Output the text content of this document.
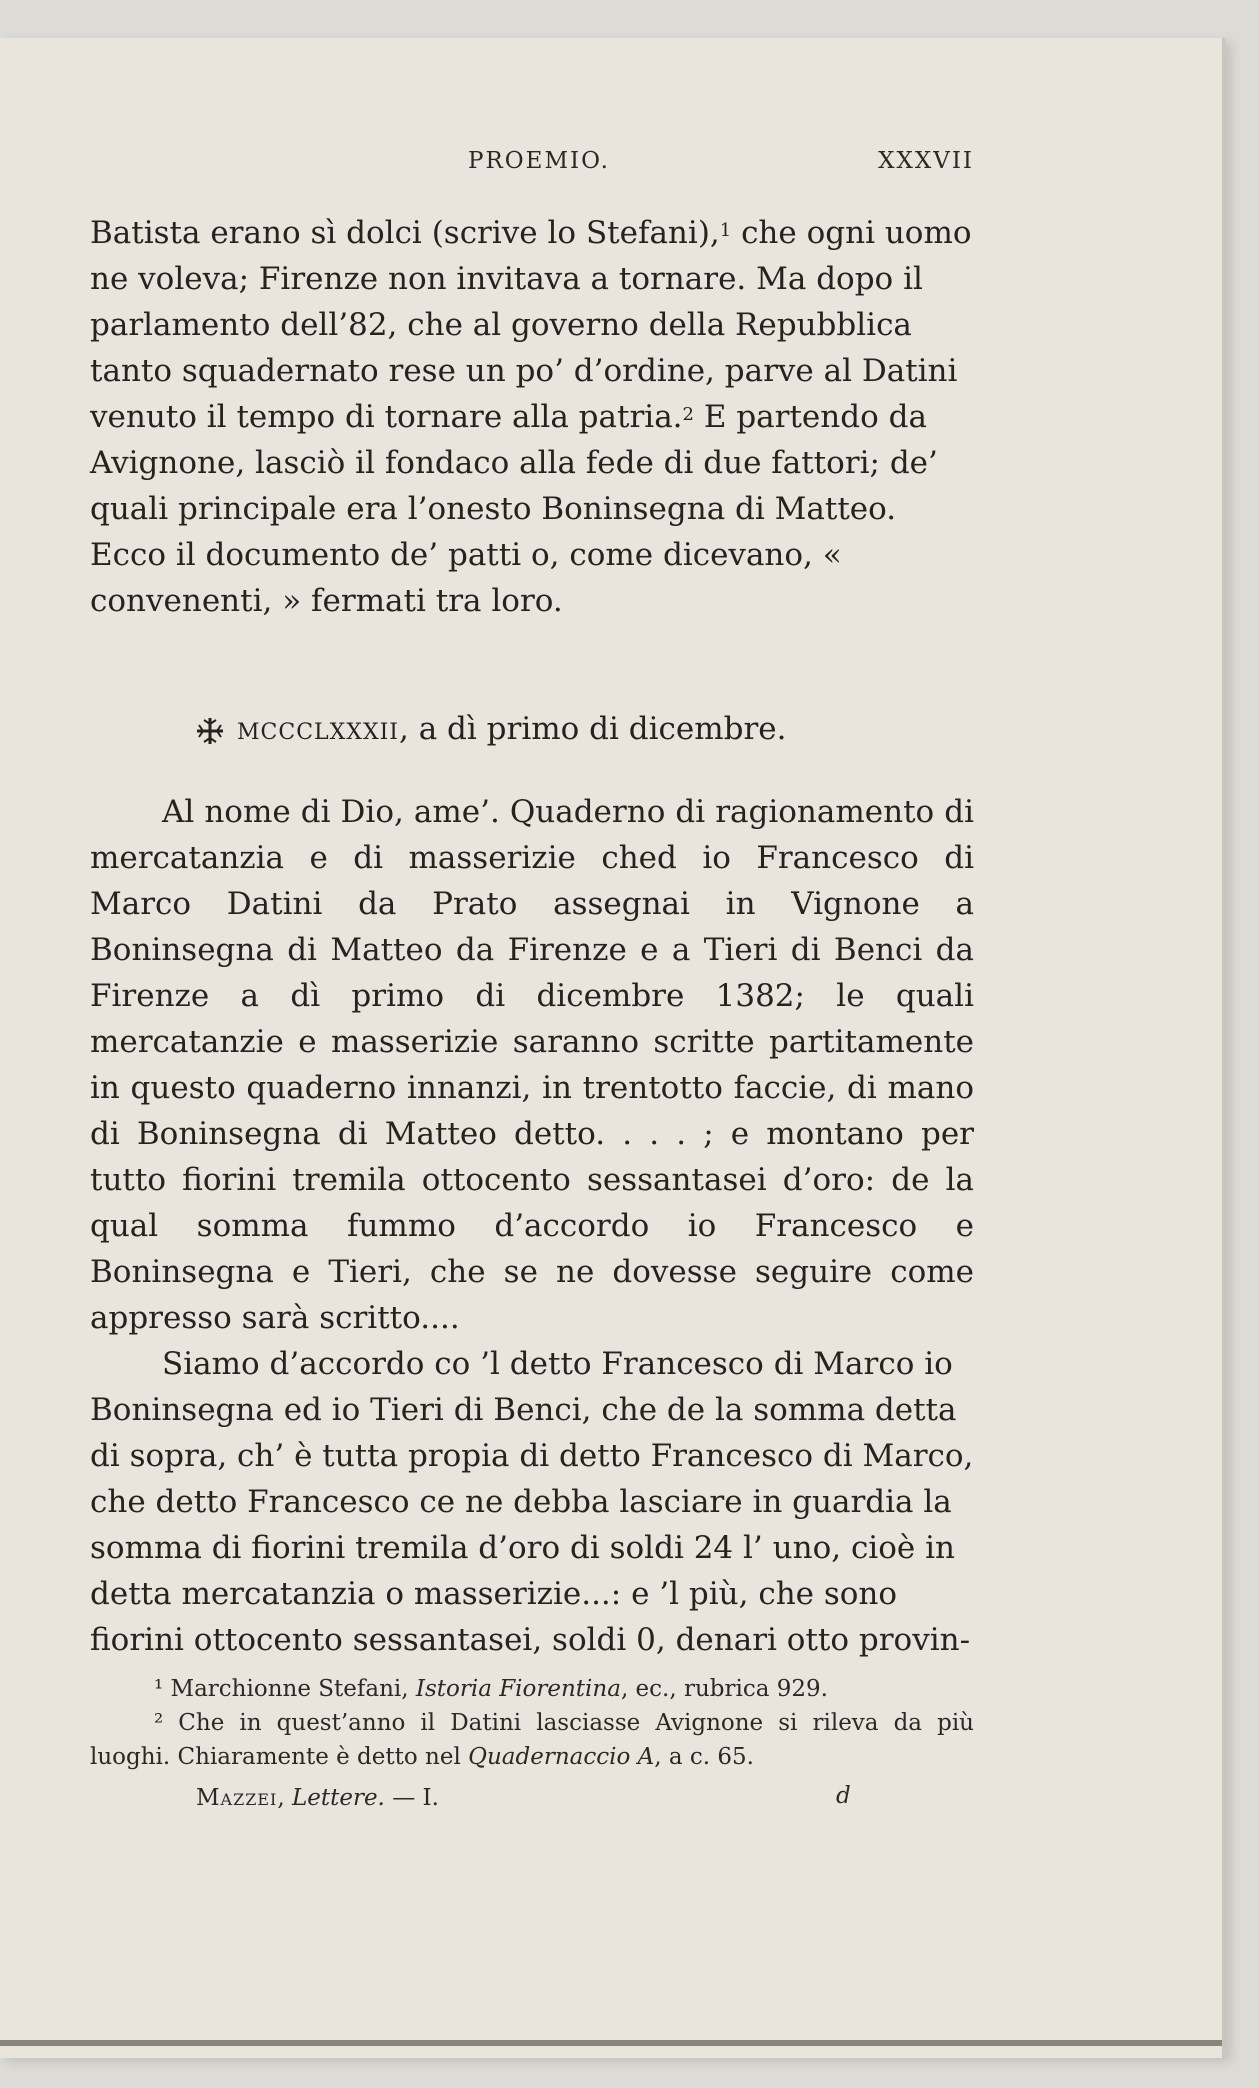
PROEMIO.	XXXVII

Batista erano sì dolci (scrive lo Stefani),$^1$ che ogni uomo ne voleva; Firenze non invitava a tornare. Ma dopo il parlamento dell’82, che al governo della Repubblica tanto squadernato rese un po’ d’ordine, parve al Datini venuto il tempo di tornare alla patria.$^2$ E partendo da Avignone, lasciò il fondaco alla fede di due fattori; de’ quali principale era l’onesto Boninsegna di Matteo. Ecco il documento de’ patti o, come dicevano, « convenenti, » fermati tra loro.

mccclxxxii, a dì primo di dicembre.

Al nome di Dio, ame’. Quaderno di ragionamento di mercatanzia e di masserizie ched io Francesco di Marco Datini da Prato assegnai in Vignone a Boninsegna di Matteo da Firenze e a Tieri di Benci da Firenze a dì primo di dicembre 1382; le quali mercatanzie e masserizie saranno scritte partitamente in questo quaderno innanzi, in trentotto faccie, di mano di Boninsegna di Matteo detto. . . . ; e montano per tutto fiorini tremila ottocento sessantasei d’oro: de la qual somma fummo d’accordo io Francesco e Boninsegna e Tieri, che se ne dovesse seguire come appresso sarà scritto....

Siamo d’accordo co ’l detto Francesco di Marco io Boninsegna ed io Tieri di Benci, che de la somma detta di sopra, ch’ è tutta propia di detto Francesco di Marco, che detto Francesco ce ne debba lasciare in guardia la somma di fiorini tremila d’oro di soldi 24 l’ uno, cioè in detta mercatanzia o masserizie...: e ’l più, che sono fiorini ottocento sessantasei, soldi 0, denari otto provin-

¹ Marchionne Stefani, Istoria Fiorentina, ec., rubrica 929.

² Che in quest’anno il Datini lasciasse Avignone si rileva da più luoghi. Chiaramente è detto nel Quadernaccio A, a c. 65.

Mazzei, Lettere. — I.	d
